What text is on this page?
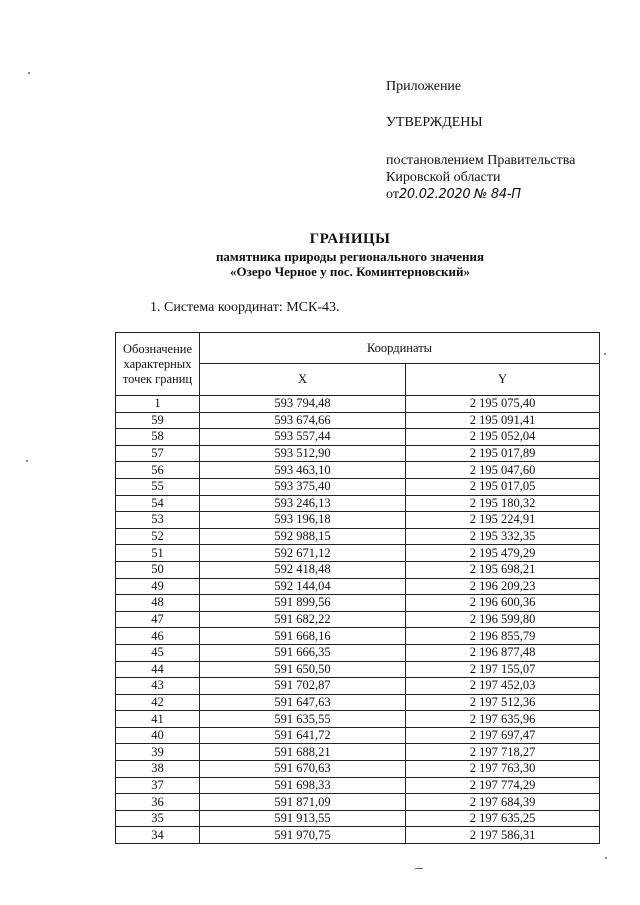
Приложение
УТВЕРЖДЕНЫ
постановлением Правительства
Кировской области
от20.02.2020 № 84-П
ГРАНИЦЫ
памятника природы регионального значения
«Озеро Черное у пос. Коминтерновский»
1. Система координат: МСК-43.
Обозначение характерных точек границ	Координаты	
	X	Y
1	593 794,48	2 195 075,40
59	593 674,66	2 195 091,41
58	593 557,44	2 195 052,04
57	593 512,90	2 195 017,89
56	593 463,10	2 195 047,60
55	593 375,40	2 195 017,05
54	593 246,13	2 195 180,32
53	593 196,18	2 195 224,91
52	592 988,15	2 195 332,35
51	592 671,12	2 195 479,29
50	592 418,48	2 195 698,21
49	592 144,04	2 196 209,23
48	591 899,56	2 196 600,36
47	591 682,22	2 196 599,80
46	591 668,16	2 196 855,79
45	591 666,35	2 196 877,48
44	591 650,50	2 197 155,07
43	591 702,87	2 197 452,03
42	591 647,63	2 197 512,36
41	591 635,55	2 197 635,96
40	591 641,72	2 197 697,47
39	591 688,21	2 197 718,27
38	591 670,63	2 197 763,30
37	591 698,33	2 197 774,29
36	591 871,09	2 197 684,39
35	591 913,55	2 197 635,25
34	591 970,75	2 197 586,31
